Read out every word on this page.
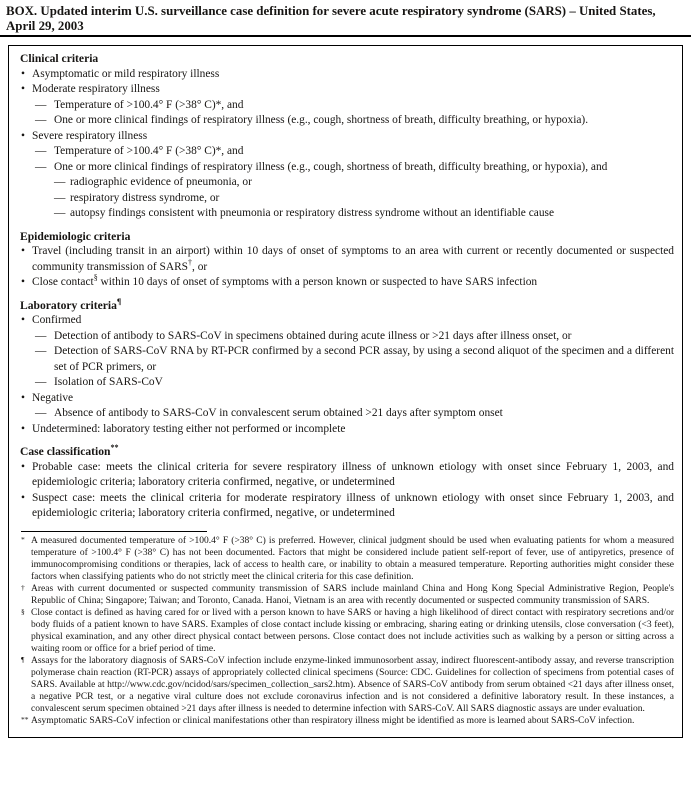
BOX. Updated interim U.S. surveillance case definition for severe acute respiratory syndrome (SARS) – United States, April 29, 2003
Clinical criteria
• Asymptomatic or mild respiratory illness
• Moderate respiratory illness
— Temperature of >100.4° F (>38° C)*, and
— One or more clinical findings of respiratory illness (e.g., cough, shortness of breath, difficulty breathing, or hypoxia).
• Severe respiratory illness
— Temperature of >100.4° F (>38° C)*, and
— One or more clinical findings of respiratory illness (e.g., cough, shortness of breath, difficulty breathing, or hypoxia), and
— radiographic evidence of pneumonia, or
— respiratory distress syndrome, or
— autopsy findings consistent with pneumonia or respiratory distress syndrome without an identifiable cause
Epidemiologic criteria
• Travel (including transit in an airport) within 10 days of onset of symptoms to an area with current or recently documented or suspected community transmission of SARS†, or
• Close contact§ within 10 days of onset of symptoms with a person known or suspected to have SARS infection
Laboratory criteria¶
• Confirmed
— Detection of antibody to SARS-CoV in specimens obtained during acute illness or >21 days after illness onset, or
— Detection of SARS-CoV RNA by RT-PCR confirmed by a second PCR assay, by using a second aliquot of the specimen and a different set of PCR primers, or
— Isolation of SARS-CoV
• Negative
— Absence of antibody to SARS-CoV in convalescent serum obtained >21 days after symptom onset
• Undetermined: laboratory testing either not performed or incomplete
Case classification**
• Probable case: meets the clinical criteria for severe respiratory illness of unknown etiology with onset since February 1, 2003, and epidemiologic criteria; laboratory criteria confirmed, negative, or undetermined
• Suspect case: meets the clinical criteria for moderate respiratory illness of unknown etiology with onset since February 1, 2003, and epidemiologic criteria; laboratory criteria confirmed, negative, or undetermined
* A measured documented temperature of >100.4° F (>38° C) is preferred. However, clinical judgment should be used when evaluating patients for whom a measured temperature of >100.4° F (>38° C) has not been documented. Factors that might be considered include patient self-report of fever, use of antipyretics, presence of immunocompromising conditions or therapies, lack of access to health care, or inability to obtain a measured temperature. Reporting authorities might consider these factors when classifying patients who do not strictly meet the clinical criteria for this case definition.
† Areas with current documented or suspected community transmission of SARS include mainland China and Hong Kong Special Administrative Region, People's Republic of China; Singapore; Taiwan; and Toronto, Canada. Hanoi, Vietnam is an area with recently documented or suspected community transmission of SARS.
§ Close contact is defined as having cared for or lived with a person known to have SARS or having a high likelihood of direct contact with respiratory secretions and/or body fluids of a patient known to have SARS. Examples of close contact include kissing or embracing, sharing eating or drinking utensils, close conversation (<3 feet), physical examination, and any other direct physical contact between persons. Close contact does not include activities such as walking by a person or sitting across a waiting room or office for a brief period of time.
¶ Assays for the laboratory diagnosis of SARS-CoV infection include enzyme-linked immunosorbent assay, indirect fluorescent-antibody assay, and reverse transcription polymerase chain reaction (RT-PCR) assays of appropriately collected clinical specimens (Source: CDC. Guidelines for collection of specimens from potential cases of SARS. Available at http://www.cdc.gov/ncidod/sars/specimen_collection_sars2.htm). Absence of SARS-CoV antibody from serum obtained <21 days after illness onset, a negative PCR test, or a negative viral culture does not exclude coronavirus infection and is not considered a definitive laboratory result. In these instances, a convalescent serum specimen obtained >21 days after illness is needed to determine infection with SARS-CoV. All SARS diagnostic assays are under evaluation.
** Asymptomatic SARS-CoV infection or clinical manifestations other than respiratory illness might be identified as more is learned about SARS-CoV infection.
